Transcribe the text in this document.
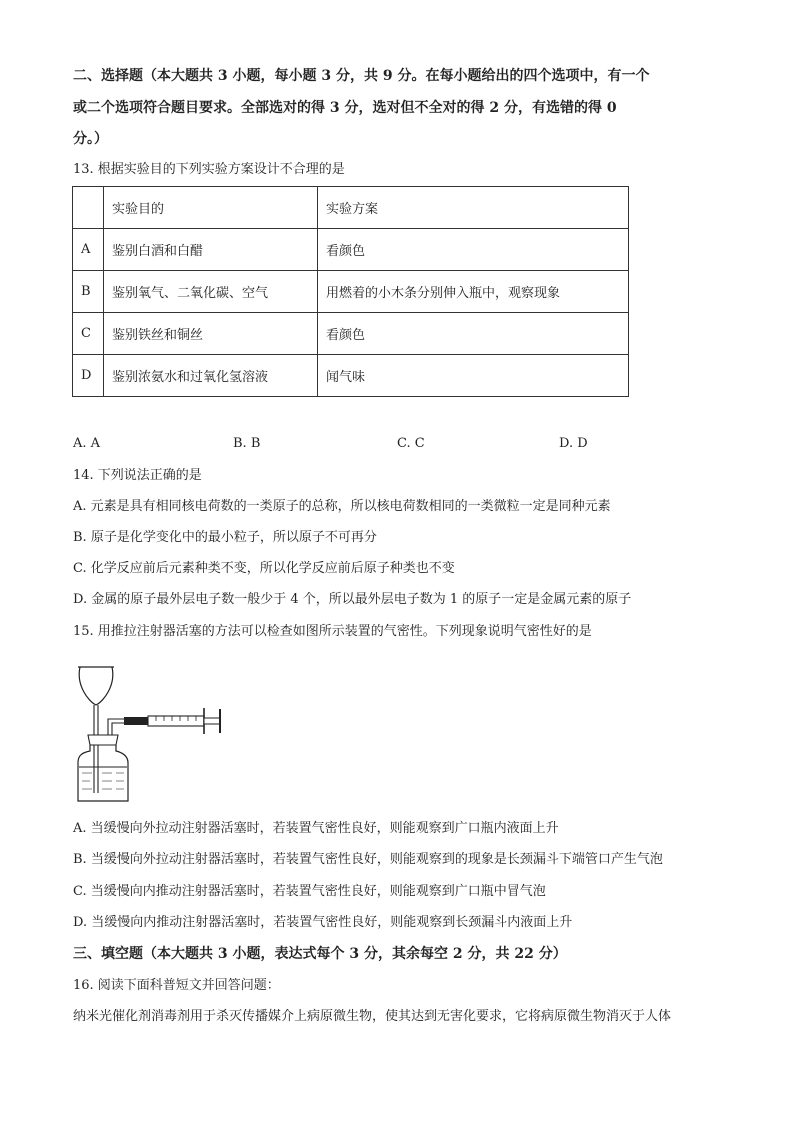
二、选择题（本大题共 3 小题，每小题 3 分，共 9 分。在每小题给出的四个选项中，有一个
或二个选项符合题目要求。全部选对的得 3 分，选对但不全对的得 2 分，有选错的得 0
分。）
13. 根据实验目的下列实验方案设计不合理的是
	实验目的	实验方案
A	鉴别白酒和白醋	看颜色
B	鉴别氧气、二氧化碳、空气	用燃着的小木条分别伸入瓶中，观察现象
C	鉴别铁丝和铜丝	看颜色
D	鉴别浓氨水和过氧化氢溶液	闻气味
A. A	B. B	C. C	D. D
14. 下列说法正确的是
A. 元素是具有相同核电荷数的一类原子的总称，所以核电荷数相同的一类微粒一定是同种元素
B. 原子是化学变化中的最小粒子，所以原子不可再分
C. 化学反应前后元素种类不变，所以化学反应前后原子种类也不变
D. 金属的原子最外层电子数一般少于 4 个，所以最外层电子数为 1 的原子一定是金属元素的原子
15. 用推拉注射器活塞的方法可以检查如图所示装置的气密性。下列现象说明气密性好的是
A. 当缓慢向外拉动注射器活塞时，若装置气密性良好，则能观察到广口瓶内液面上升
B. 当缓慢向外拉动注射器活塞时，若装置气密性良好，则能观察到的现象是长颈漏斗下端管口产生气泡
C. 当缓慢向内推动注射器活塞时，若装置气密性良好，则能观察到广口瓶中冒气泡
D. 当缓慢向内推动注射器活塞时，若装置气密性良好，则能观察到长颈漏斗内液面上升
三、填空题（本大题共 3 小题，表达式每个 3 分，其余每空 2 分，共 22 分）
16. 阅读下面科普短文并回答问题：
纳米光催化剂消毒剂用于杀灭传播媒介上病原微生物，使其达到无害化要求，它将病原微生物消灭于人体
